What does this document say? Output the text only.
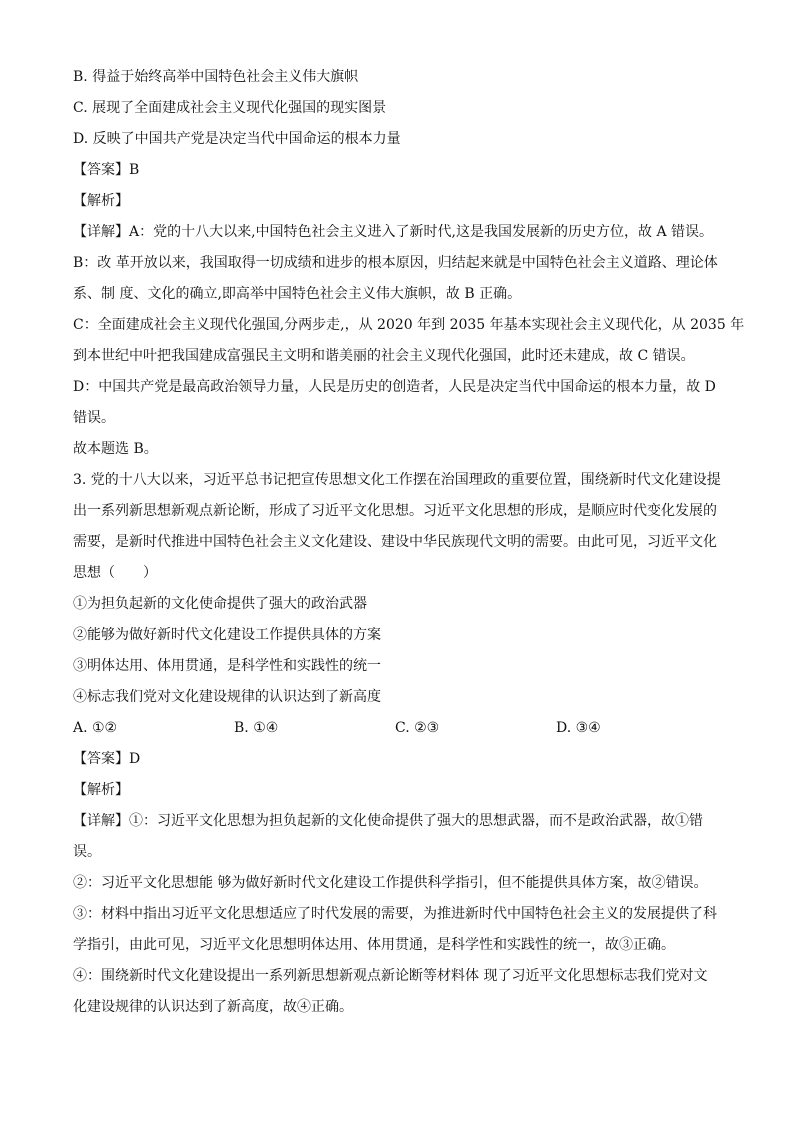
B. 得益于始终高举中国特色社会主义伟大旗帜
C. 展现了全面建成社会主义现代化强国的现实图景
D. 反映了中国共产党是决定当代中国命运的根本力量
【答案】B
【解析】
【详解】A：党的十八大以来,中国特色社会主义进入了新时代,这是我国发展新的历史方位，故 A 错误。
B：改 革开放以来，我国取得一切成绩和进步的根本原因，归结起来就是中国特色社会主义道路、理论体
系、制 度、文化的确立,即高举中国特色社会主义伟大旗帜，故 B 正确。
C：全面建成社会主义现代化强国,分两步走,，从 2020 年到 2035 年基本实现社会主义现代化，从 2035 年
到本世纪中叶把我国建成富强民主文明和谐美丽的社会主义现代化强国，此时还未建成，故 C 错误。
D：中国共产党是最高政治领导力量，人民是历史的创造者，人民是决定当代中国命运的根本力量，故 D
错误。
故本题选 B。
3. 党的十八大以来，习近平总书记把宣传思想文化工作摆在治国理政的重要位置，围绕新时代文化建设提
出一系列新思想新观点新论断，形成了习近平文化思想。习近平文化思想的形成，是顺应时代变化发展的
需要，是新时代推进中国特色社会主义文化建设、建设中华民族现代文明的需要。由此可见，习近平文化
思想（　　）
①为担负起新的文化使命提供了强大的政治武器
②能够为做好新时代文化建设工作提供具体的方案
③明体达用、体用贯通，是科学性和实践性的统一
④标志我们党对文化建设规律的认识达到了新高度
A. ①②	B. ①④	C. ②③	D. ③④
【答案】D
【解析】
【详解】①：习近平文化思想为担负起新的文化使命提供了强大的思想武器，而不是政治武器，故①错
误。
②：习近平文化思想能 够为做好新时代文化建设工作提供科学指引，但不能提供具体方案，故②错误。
③：材料中指出习近平文化思想适应了时代发展的需要，为推进新时代中国特色社会主义的发展提供了科
学指引，由此可见，习近平文化思想明体达用、体用贯通，是科学性和实践性的统一，故③正确。
④：围绕新时代文化建设提出一系列新思想新观点新论断等材料体 现了习近平文化思想标志我们党对文
化建设规律的认识达到了新高度，故④正确。
